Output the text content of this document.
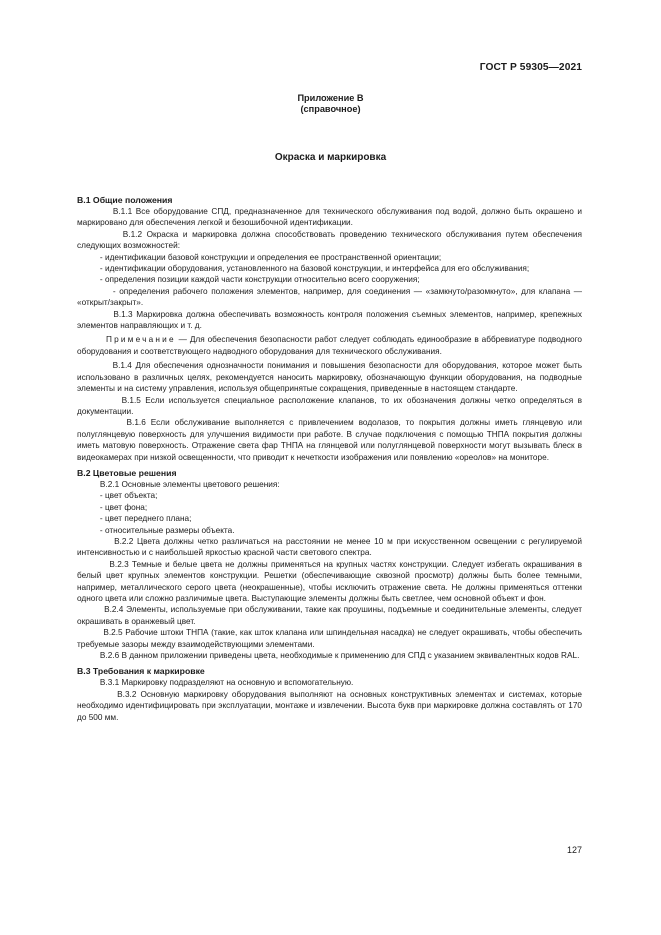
ГОСТ Р 59305—2021
Приложение В
(справочное)
Окраска и маркировка
В.1 Общие положения

В.1.1 Все оборудование СПД, предназначенное для технического обслуживания под водой, должно быть окрашено и маркировано для обеспечения легкой и безошибочной идентификации.

В.1.2 Окраска и маркировка должна способствовать проведению технического обслуживания путем обеспечения следующих возможностей:

- идентификации базовой конструкции и определения ее пространственной ориентации;

- идентификации оборудования, установленного на базовой конструкции, и интерфейса для его обслуживания;

- определения позиции каждой части конструкции относительно всего сооружения;

- определения рабочего положения элементов, например, для соединения — «замкнуто/разомкнуто», для клапана — «открыт/закрыт».

В.1.3 Маркировка должна обеспечивать возможность контроля положения съемных элементов, например, крепежных элементов направляющих и т. д.

Примечание — Для обеспечения безопасности работ следует соблюдать единообразие в аббревиатуре подводного оборудования и соответствующего надводного оборудования для технического обслуживания.

В.1.4 Для обеспечения однозначности понимания и повышения безопасности для оборудования, которое может быть использовано в различных целях, рекомендуется наносить маркировку, обозначающую функции оборудования, на подводные элементы и на систему управления, используя общепринятые сокращения, приведенные в настоящем стандарте.

В.1.5 Если используется специальное расположение клапанов, то их обозначения должны четко определяться в документации.

В.1.6 Если обслуживание выполняется с привлечением водолазов, то покрытия должны иметь глянцевую или полуглянцевую поверхность для улучшения видимости при работе. В случае подключения с помощью ТНПА покрытия должны иметь матовую поверхность. Отражение света фар ТНПА на глянцевой или полуглянцевой поверхности могут вызывать блеск в видеокамерах при низкой освещенности, что приводит к нечеткости изображения или появлению «ореолов» на мониторе.

В.2 Цветовые решения

В.2.1 Основные элементы цветового решения:

- цвет объекта;

- цвет фона;

- цвет переднего плана;

- относительные размеры объекта.

В.2.2 Цвета должны четко различаться на расстоянии не менее 10 м при искусственном освещении с регулируемой интенсивностью и с наибольшей яркостью красной части светового спектра.

В.2.3 Темные и белые цвета не должны применяться на крупных частях конструкции. Следует избегать окрашивания в белый цвет крупных элементов конструкции. Решетки (обеспечивающие сквозной просмотр) должны быть более темными, например, металлического серого цвета (неокрашенные), чтобы исключить отражение света. Не должны применяться оттенки одного цвета или сложно различимые цвета. Выступающие элементы должны быть светлее, чем основной объект и фон.

В.2.4 Элементы, используемые при обслуживании, такие как проушины, подъемные и соединительные элементы, следует окрашивать в оранжевый цвет.

В.2.5 Рабочие штоки ТНПА (такие, как шток клапана или шпиндельная насадка) не следует окрашивать, чтобы обеспечить требуемые зазоры между взаимодействующими элементами.

В.2.6 В данном приложении приведены цвета, необходимые к применению для СПД с указанием эквивалентных кодов RAL.

В.3 Требования к маркировке

В.3.1 Маркировку подразделяют на основную и вспомогательную.

В.3.2 Основную маркировку оборудования выполняют на основных конструктивных элементах и системах, которые необходимо идентифицировать при эксплуатации, монтаже и извлечении. Высота букв при маркировке должна составлять от 170 до 500 мм.

127
